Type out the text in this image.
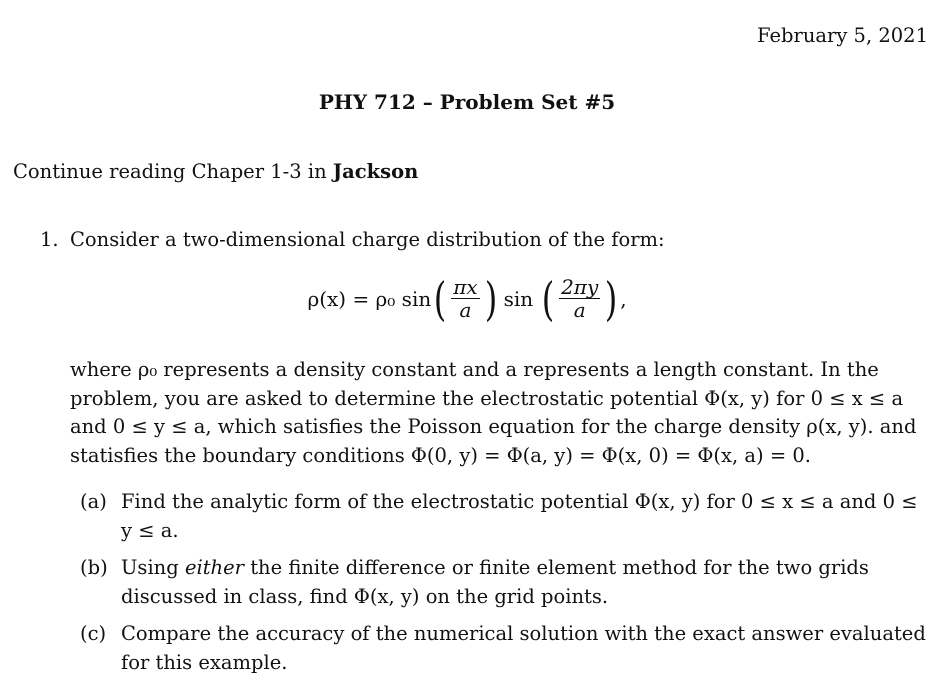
February 5, 2021
PHY 712 – Problem Set #5
Continue reading Chaper 1-3 in Jackson
1. Consider a two-dimensional charge distribution of the form:
ρ(x) = ρ₀ sin ( $\frac{\pi x}{a}$ ) sin ( $\frac{2\pi y}{a}$ ) ,
where ρ₀ represents a density constant and a represents a length constant. In the problem, you are asked to determine the electrostatic potential Φ(x, y) for 0 ≤ x ≤ a and 0 ≤ y ≤ a, which satisfies the Poisson equation for the charge density ρ(x, y). and statisfies the boundary conditions Φ(0, y) = Φ(a, y) = Φ(x, 0) = Φ(x, a) = 0.
(a) Find the analytic form of the electrostatic potential Φ(x, y) for 0 ≤ x ≤ a and 0 ≤ y ≤ a.
(b) Using either the finite difference or finite element method for the two grids discussed in class, find Φ(x, y) on the grid points.
(c) Compare the accuracy of the numerical solution with the exact answer evaluated for this example.
